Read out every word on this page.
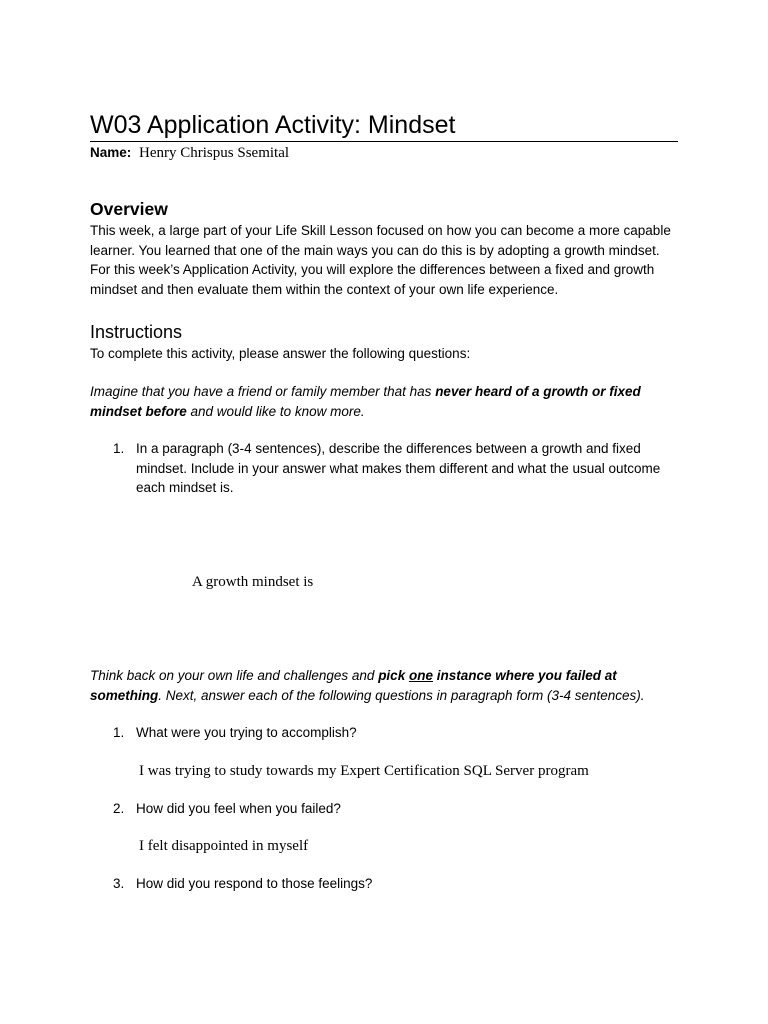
W03 Application Activity: Mindset
Name: Henry Chrispus Ssemital
Overview
This week, a large part of your Life Skill Lesson focused on how you can become a more capable learner. You learned that one of the main ways you can do this is by adopting a growth mindset. For this week’s Application Activity, you will explore the differences between a fixed and growth mindset and then evaluate them within the context of your own life experience.
Instructions
To complete this activity, please answer the following questions:
Imagine that you have a friend or family member that has never heard of a growth or fixed mindset before and would like to know more.
1. In a paragraph (3-4 sentences), describe the differences between a growth and fixed mindset. Include in your answer what makes them different and what the usual outcome each mindset is.
A growth mindset is
Think back on your own life and challenges and pick one instance where you failed at something. Next, answer each of the following questions in paragraph form (3-4 sentences).
1. What were you trying to accomplish?
I was trying to study towards my Expert Certification SQL Server program
2. How did you feel when you failed?
I felt disappointed in myself
3. How did you respond to those feelings?
